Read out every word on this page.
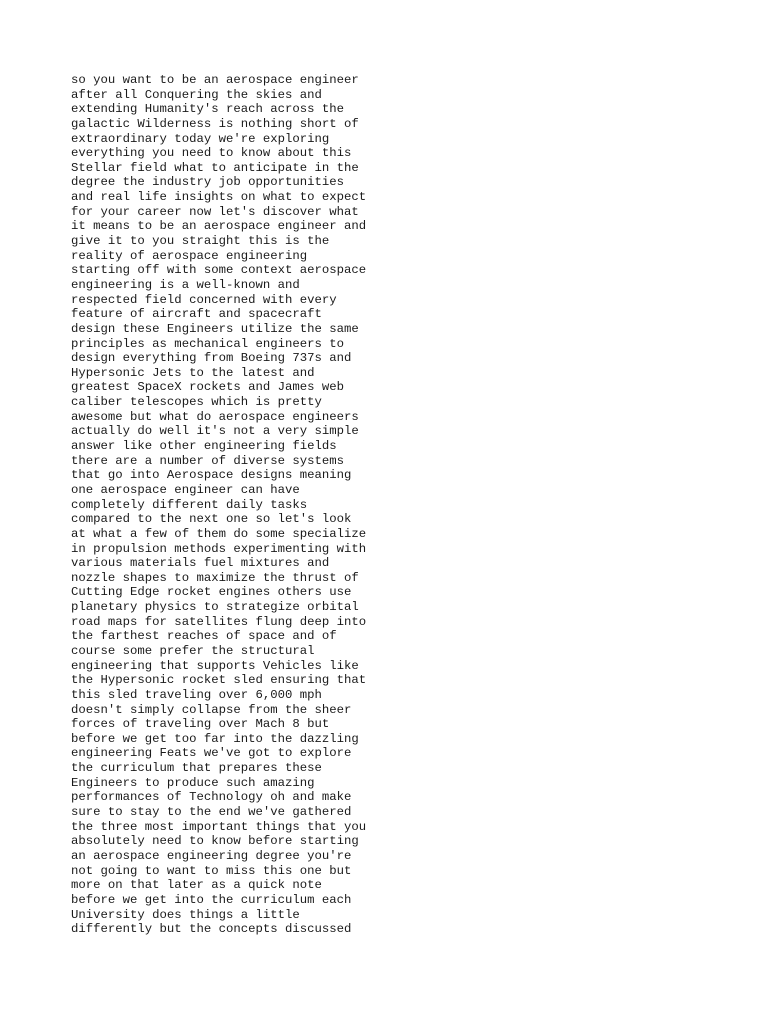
so you want to be an aerospace engineer
after all Conquering the skies and
extending Humanity's reach across the
galactic Wilderness is nothing short of
extraordinary today we're exploring
everything you need to know about this
Stellar field what to anticipate in the
degree the industry job opportunities
and real life insights on what to expect
for your career now let's discover what
it means to be an aerospace engineer and
give it to you straight this is the
reality of aerospace engineering
starting off with some context aerospace
engineering is a well-known and
respected field concerned with every
feature of aircraft and spacecraft
design these Engineers utilize the same
principles as mechanical engineers to
design everything from Boeing 737s and
Hypersonic Jets to the latest and
greatest SpaceX rockets and James web
caliber telescopes which is pretty
awesome but what do aerospace engineers
actually do well it's not a very simple
answer like other engineering fields
there are a number of diverse systems
that go into Aerospace designs meaning
one aerospace engineer can have
completely different daily tasks
compared to the next one so let's look
at what a few of them do some specialize
in propulsion methods experimenting with
various materials fuel mixtures and
nozzle shapes to maximize the thrust of
Cutting Edge rocket engines others use
planetary physics to strategize orbital
road maps for satellites flung deep into
the farthest reaches of space and of
course some prefer the structural
engineering that supports Vehicles like
the Hypersonic rocket sled ensuring that
this sled traveling over 6,000 mph
doesn't simply collapse from the sheer
forces of traveling over Mach 8 but
before we get too far into the dazzling
engineering Feats we've got to explore
the curriculum that prepares these
Engineers to produce such amazing
performances of Technology oh and make
sure to stay to the end we've gathered
the three most important things that you
absolutely need to know before starting
an aerospace engineering degree you're
not going to want to miss this one but
more on that later as a quick note
before we get into the curriculum each
University does things a little
differently but the concepts discussed
